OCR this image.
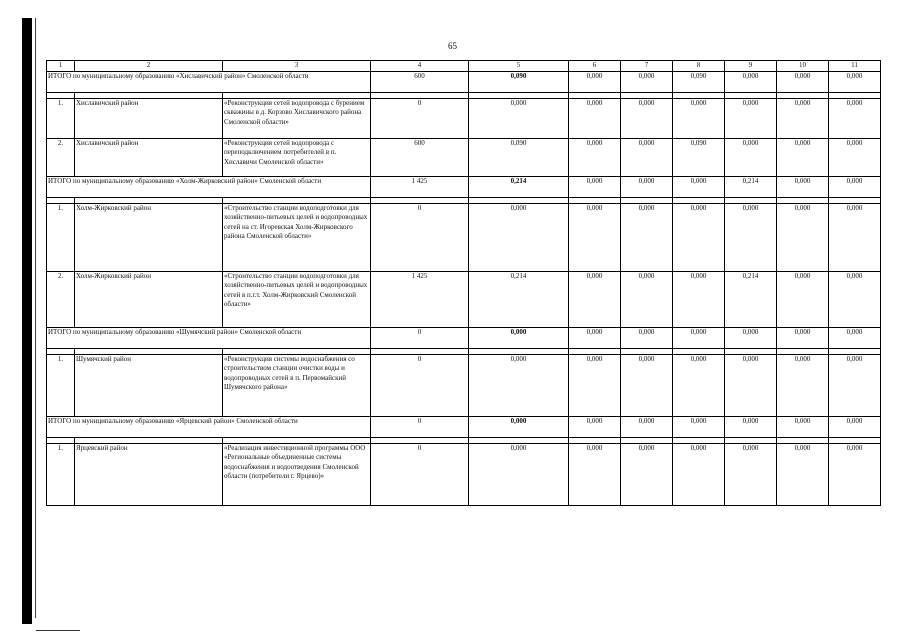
65
1	2	3	4	5	6	7	8	9	10	11
ИТОГО по муниципальному образованию «Хиславичский район» Смоленской области			600	0,090	0,000	0,000	0,090	0,000	0,000	0,000

1.	Хиславичский район	«Реконструкция сетей водопровода с бурением скважины в д. Корзово Хиславичского района Смоленской области»	0	0,000	0,000	0,000	0,000	0,000	0,000	0,000
2.	Хиславичский район	«Реконструкция сетей водопровода с переподключением потребителей в п. Хиславичи Смоленской области»	600	0,090	0,000	0,000	0,090	0,000	0,000	0,000
ИТОГО по муниципальному образованию «Холм-Жирковский район» Смоленской области			1 425	0,214	0,000	0,000	0,000	0,214	0,000	0,000

1.	Холм-Жирковский район	«Строительство станции водоподготовки для хозяйственно-питьевых целей и водопроводных сетей на ст. Игоревская Холм-Жирковского района Смоленской области»	0	0,000	0,000	0,000	0,000	0,000	0,000	0,000
2.	Холм-Жирковский район	«Строительство станции водоподготовки для хозяйственно-питьевых целей и водопроводных сетей в п.г.т. Холм-Жирковский Смоленской области»	1 425	0,214	0,000	0,000	0,000	0,214	0,000	0,000
ИТОГО по муниципальному образованию «Шумячский район» Смоленской области			0	0,000	0,000	0,000	0,000	0,000	0,000	0,000

1.	Шумячский район	«Реконструкция системы водоснабжения со строительством станции очистки воды и водопроводных сетей в п. Первомайский Шумячского района»	0	0,000	0,000	0,000	0,000	0,000	0,000	0,000
ИТОГО по муниципальному образованию «Ярцевский район» Смоленской области			0	0,000	0,000	0,000	0,000	0,000	0,000	0,000

1.	Ярцевский район	«Реализация инвестиционной программы ООО «Региональные объединенные системы водоснабжения и водоотведения Смоленской области (потребители г. Ярцево)»	0	0,000	0,000	0,000	0,000	0,000	0,000	0,000
